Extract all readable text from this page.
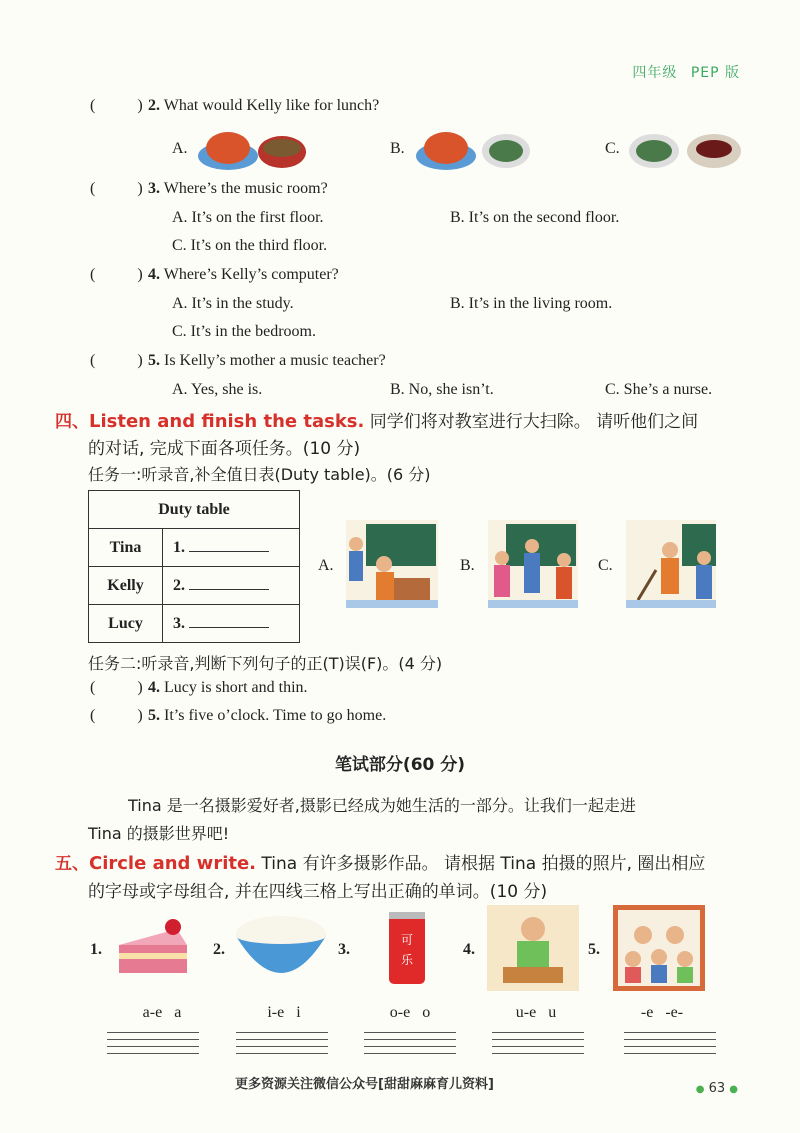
四年级 PEP 版
(	) 2. What would Kelly like for lunch?
A.	B.	C.
(	) 3. Where’s the music room?
A. It’s on the first floor.	B. It’s on the second floor.
C. It’s on the third floor.
(	) 4. Where’s Kelly’s computer?
A. It’s in the study.	B. It’s in the living room.
C. It’s in the bedroom.
(	) 5. Is Kelly’s mother a music teacher?
A. Yes, she is.	B. No, she isn’t.	C. She’s a nurse.
四、Listen and finish the tasks. 同学们将对教室进行大扫除。 请听他们之间
的对话, 完成下面各项任务。(10 分)
任务一:听录音,补全值日表(Duty table)。(6 分)
Duty table	
Tina	1.
Kelly	2.
Lucy	3.
A.	B.	C.
任务二:听录音,判断下列句子的正(T)误(F)。(4 分)
(	) 4. Lucy is short and thin.
(	) 5. It’s five o’clock. Time to go home.
笔试部分(60 分)
Tina 是一名摄影爱好者,摄影已经成为她生活的一部分。让我们一起走进
Tina 的摄影世界吧!
五、Circle and write. Tina 有许多摄影作品。 请根据 Tina 拍摄的照片, 圈出相应
的字母或字母组合, 并在四线三格上写出正确的单词。(10 分)
1.	2.	3.	4.	5.
可
乐
a-e   a	i-e   i	o-e   o	u-e   u	-e   -e-
更多资源关注微信公众号[甜甜麻麻育儿资料]	● 63 ●
